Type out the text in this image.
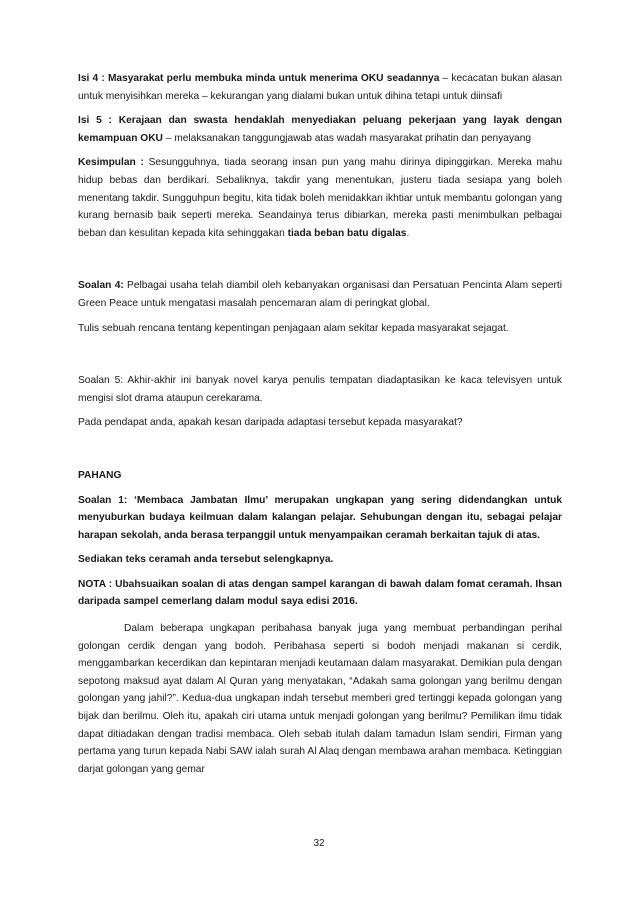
Isi 4 : Masyarakat perlu membuka minda untuk menerima OKU seadannya – kecacatan bukan alasan untuk menyisihkan mereka – kekurangan yang dialami bukan untuk dihina tetapi untuk diinsafi

Isi 5 : Kerajaan dan swasta hendaklah menyediakan peluang pekerjaan yang layak dengan kemampuan OKU – melaksanakan tanggungjawab atas wadah masyarakat prihatin dan penyayang

Kesimpulan : Sesungguhnya, tiada seorang insan pun yang mahu dirinya dipinggirkan. Mereka mahu hidup bebas dan berdikari. Sebaliknya, takdir yang menentukan, justeru tiada sesiapa yang boleh menentang takdir. Sungguhpun begitu, kita tidak boleh menidakkan ikhtiar untuk membantu golongan yang kurang bernasib baik seperti mereka. Seandainya terus dibiarkan, mereka pasti menimbulkan pelbagai beban dan kesulitan kepada kita sehinggakan tiada beban batu digalas.

Soalan 4: Pelbagai usaha telah diambil oleh kebanyakan organisasi dan Persatuan Pencinta Alam seperti Green Peace untuk mengatasi masalah pencemaran alam di peringkat global.

Tulis sebuah rencana tentang kepentingan penjagaan alam sekitar kepada masyarakat sejagat.

Soalan 5: Akhir-akhir ini banyak novel karya penulis tempatan diadaptasikan ke kaca televisyen untuk mengisi slot drama ataupun cerekarama.

Pada pendapat anda, apakah kesan daripada adaptasi tersebut kepada masyarakat?

PAHANG

Soalan 1: ‘Membaca Jambatan Ilmu’ merupakan ungkapan yang sering didendangkan untuk menyuburkan budaya keilmuan dalam kalangan pelajar. Sehubungan dengan itu, sebagai pelajar harapan sekolah, anda berasa terpanggil untuk menyampaikan ceramah berkaitan tajuk di atas.

Sediakan teks ceramah anda tersebut selengkapnya.

NOTA : Ubahsuaikan soalan di atas dengan sampel karangan di bawah dalam fomat ceramah. Ihsan daripada sampel cemerlang dalam modul saya edisi 2016.

Dalam beberapa ungkapan peribahasa banyak juga yang membuat perbandingan perihal golongan cerdik dengan yang bodoh. Peribahasa seperti si bodoh menjadi makanan si cerdik, menggambarkan kecerdikan dan kepintaran menjadi keutamaan dalam masyarakat. Demikian pula dengan sepotong maksud ayat dalam Al Quran yang menyatakan, “Adakah sama golongan yang berilmu dengan golongan yang jahil?”. Kedua-dua ungkapan indah tersebut memberi gred tertinggi kepada golongan yang bijak dan berilmu. Oleh itu, apakah ciri utama untuk menjadi golongan yang berilmu? Pemilikan ilmu tidak dapat ditiadakan dengan tradisi membaca. Oleh sebab itulah dalam tamadun Islam sendiri, Firman yang pertama yang turun kepada Nabi SAW ialah surah Al Alaq dengan membawa arahan membaca. Ketinggian darjat golongan yang gemar

32
